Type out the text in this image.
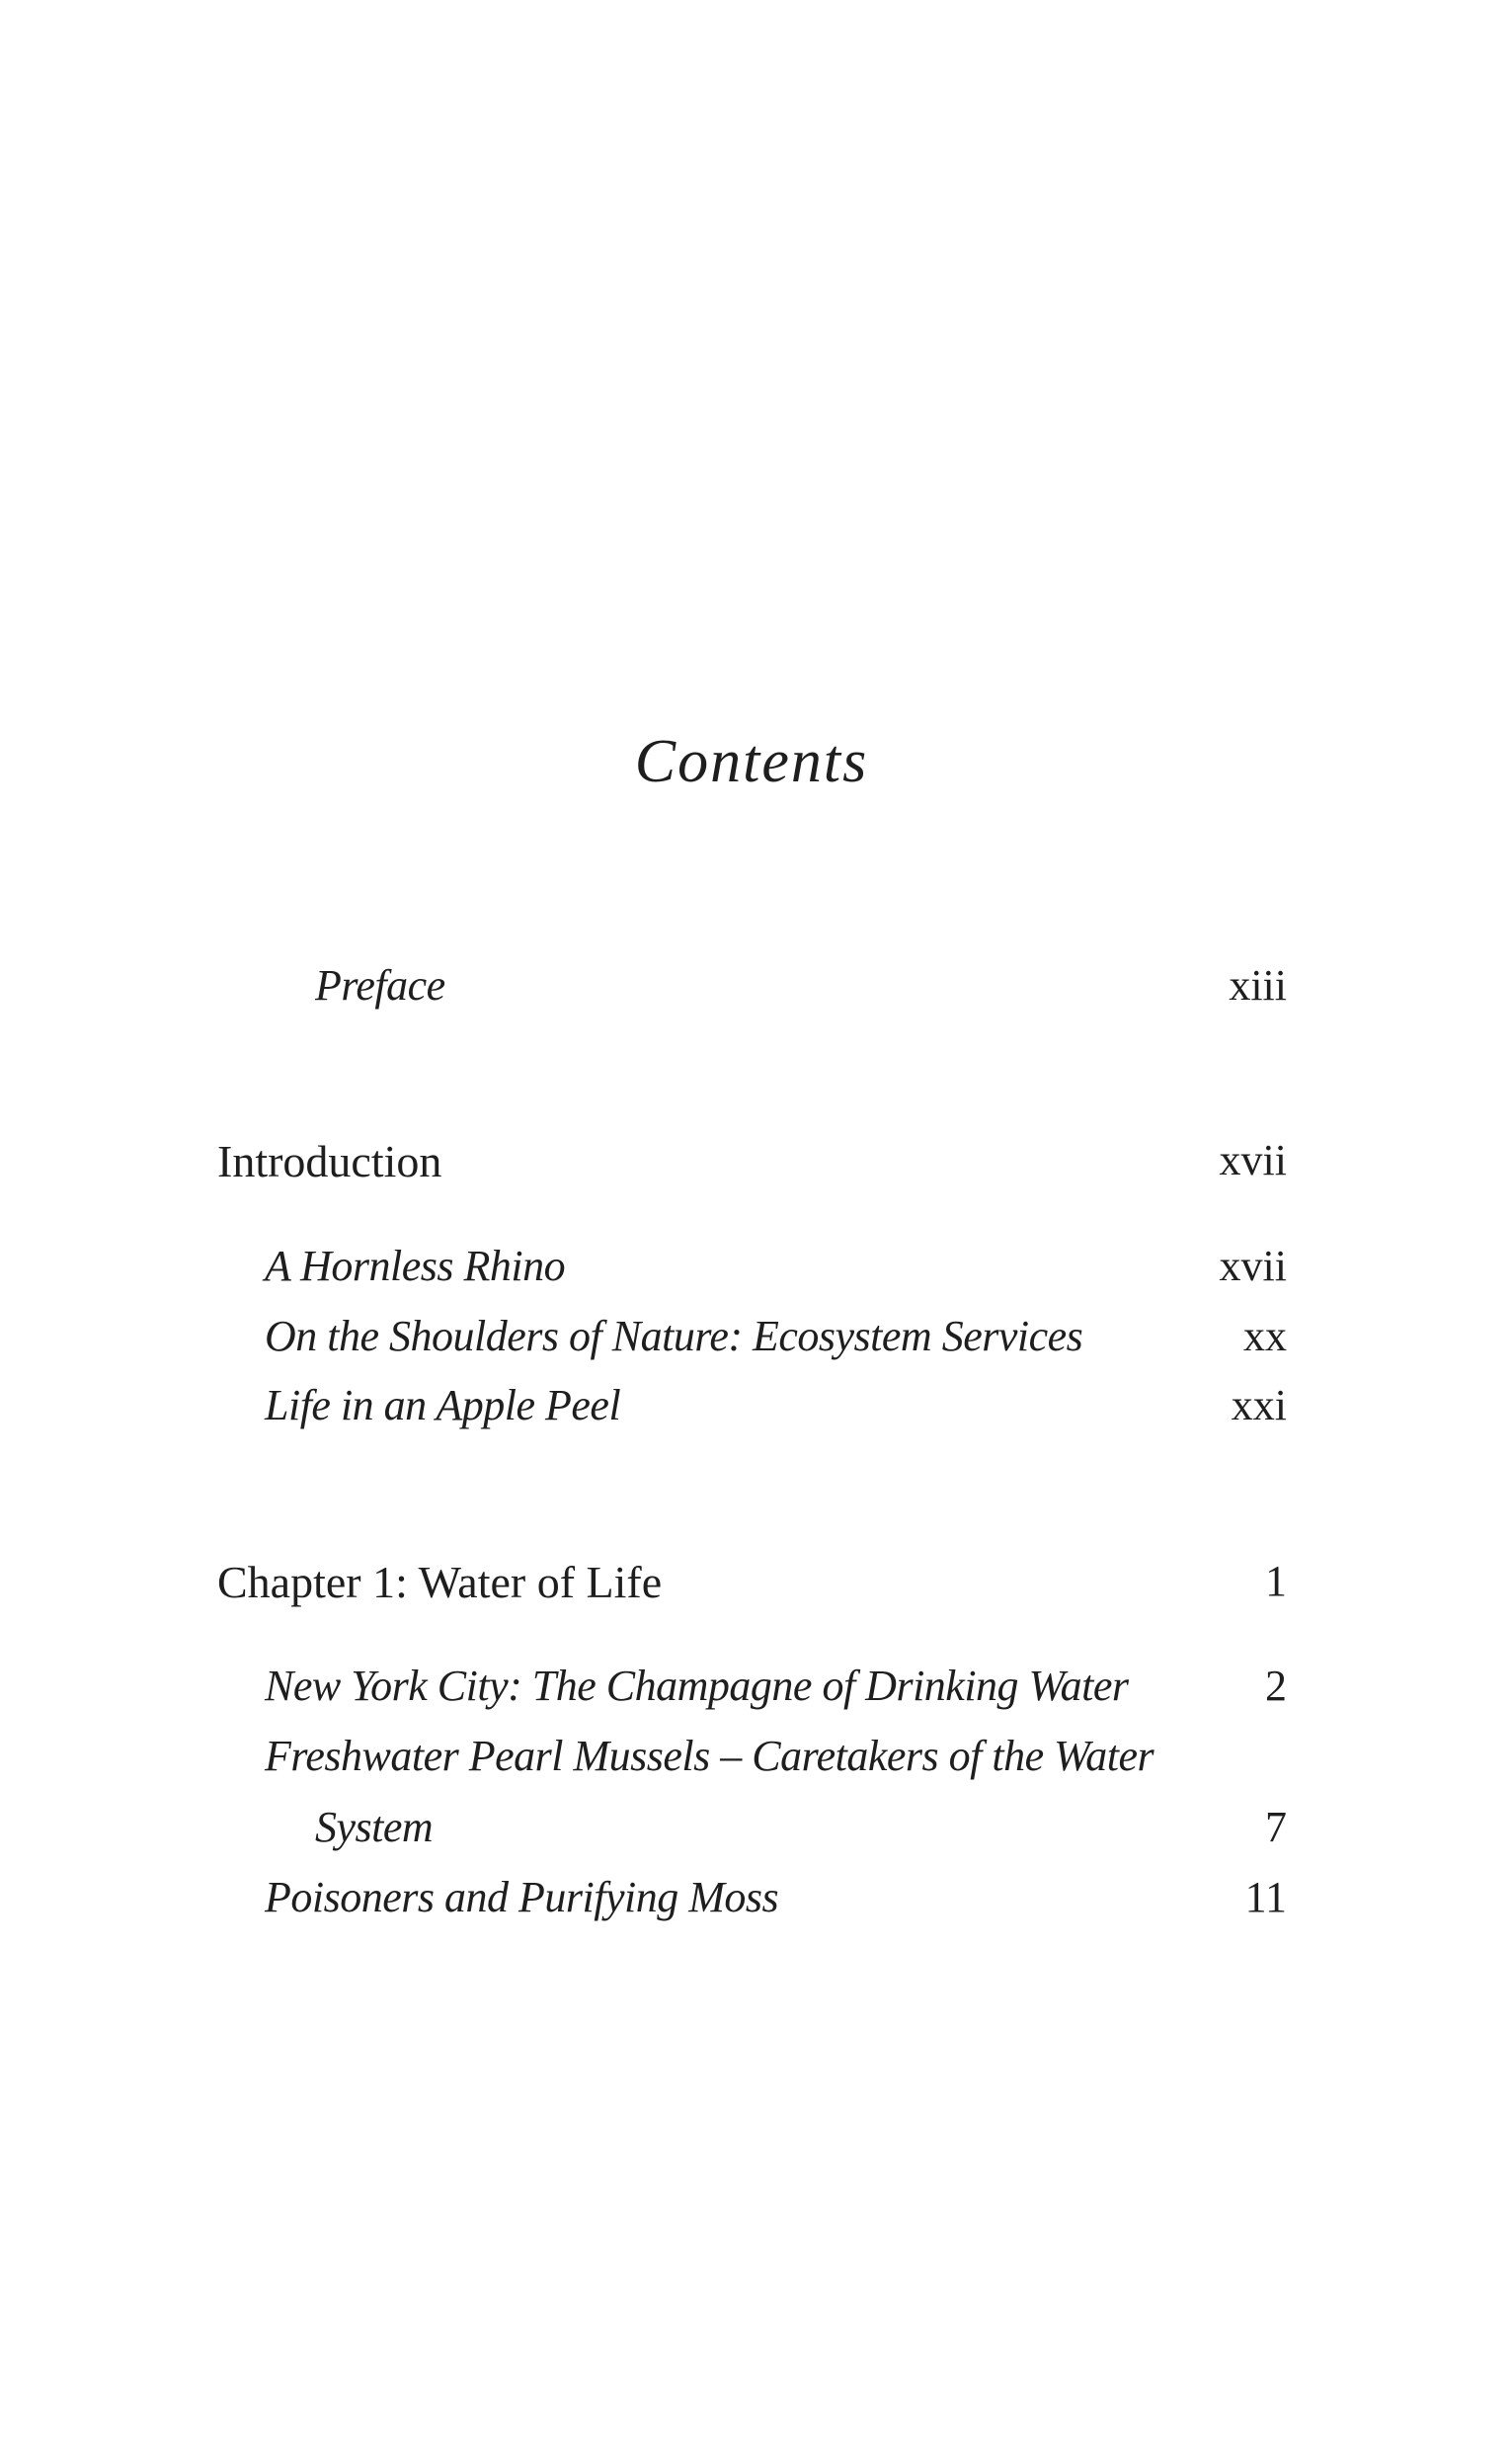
Contents
Preface	xiii
Introduction	xvii
A Hornless Rhino	xvii
On the Shoulders of Nature: Ecosystem Services	xx
Life in an Apple Peel	xxi
Chapter 1: Water of Life	1
New York City: The Champagne of Drinking Water	2
Freshwater Pearl Mussels – Caretakers of the Water
System	7
Poisoners and Purifying Moss	11
